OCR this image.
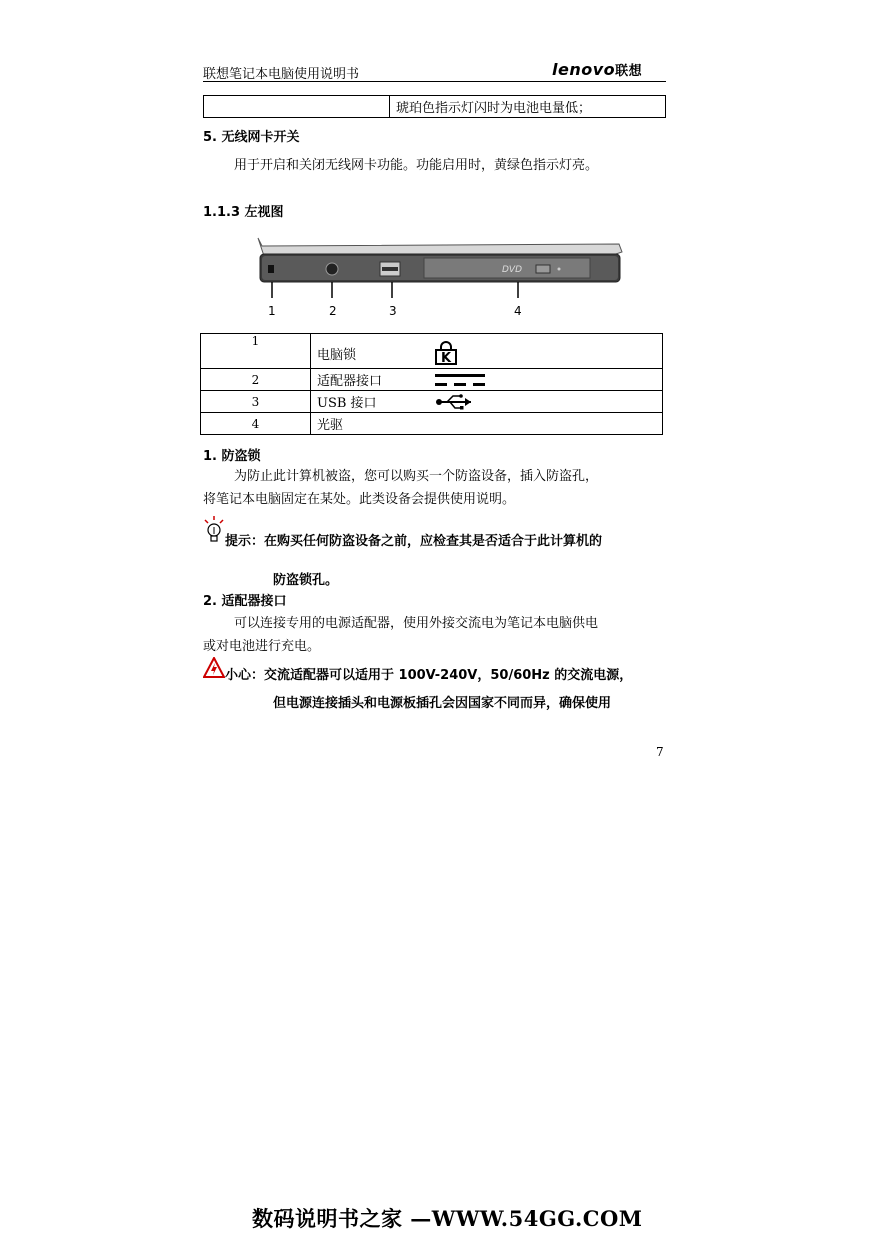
联想笔记本电脑使用说明书	lenovo联想
	琥珀色指示灯闪时为电池电量低；
5. 无线网卡开关

用于开启和关闭无线网卡功能。功能启用时，黄绿色指示灯亮。

1.1.3 左视图
DVD
1	2	3	4
1	电脑锁 K

2	适配器接口

3	USB 接口

4	光驱
1. 防盗锁

为防止此计算机被盗，您可以购买一个防盗设备，插入防盗孔，

将笔记本电脑固定在某处。此类设备会提供使用说明。

提示：在购买任何防盗设备之前，应检查其是否适合于此计算机的
防盗锁孔。
2. 适配器接口

可以连接专用的电源适配器，使用外接交流电为笔记本电脑供电

或对电池进行充电。

小心：交流适配器可以适用于 100V-240V，50/60Hz 的交流电源，
但电源连接插头和电源板插孔会因国家不同而异，确保使用
7
数码说明书之家 —WWW.54GG.COM
